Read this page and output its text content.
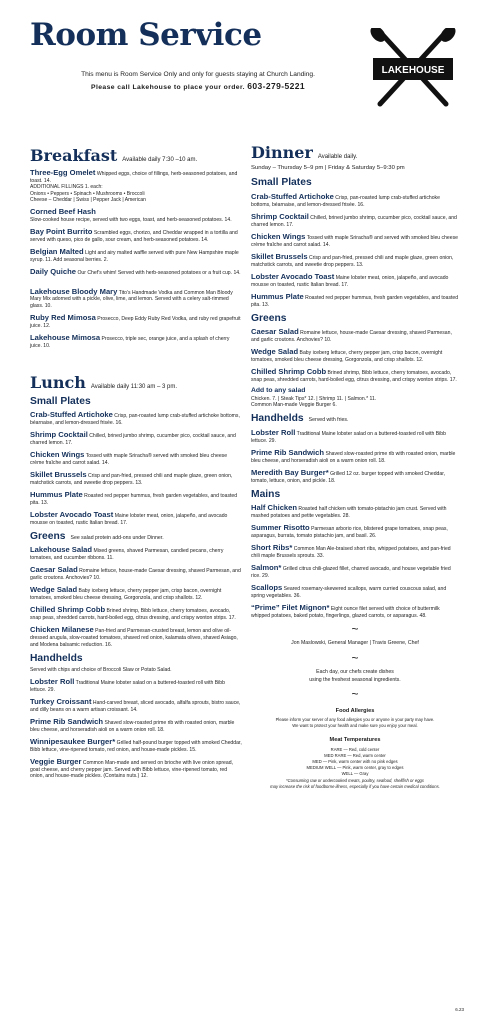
Room Service
LAKEHOUSE
This menu is Room Service Only and only for guests staying at Church Landing.
Please call Lakehouse to place your order. 603-279-5221
Breakfast Available daily 7:30 –10 am.
Three-Egg Omelet Whipped eggs, choice of fillings, herb-seasoned potatoes, and toast. 14.
ADDITIONAL FILLINGS 1. each:
Onions • Peppers • Spinach • Mushrooms • Broccoli
Cheese – Cheddar | Swiss | Pepper Jack | American
Corned Beef Hash
Slow-cooked house recipe, served with two eggs, toast, and herb-seasoned potatoes. 14.
Bay Point Burrito Scrambled eggs, chorizo, and Cheddar wrapped in a tortilla and served with queso, pico de gallo, sour cream, and herb-seasoned potatoes. 14.
Belgian Malted Light and airy malted waffle served with pure New Hampshire maple syrup. 11. Add seasonal berries. 2.
Daily Quiche Our Chef’s whim! Served with herb-seasoned potatoes or a fruit cup. 14.
Lakehouse Bloody Mary Tito’s Handmade Vodka and Common Man Bloody Mary Mix adorned with a pickle, olive, lime, and lemon. Served with a celery salt-rimmed glass. 10.
Ruby Red Mimosa Prosecco, Deep Eddy Ruby Red Vodka, and ruby red grapefruit juice. 12.
Lakehouse Mimosa Prosecco, triple sec, orange juice, and a splash of cherry juice. 10.
Lunch Available daily 11:30 am – 3 pm.
Small Plates
Crab-Stuffed Artichoke Crisp, pan-roasted lump crab-stuffed artichoke bottoms, béarnaise, and lemon-dressed frisée. 16.
Shrimp Cocktail Chilled, brined jumbo shrimp, cucumber pico, cocktail sauce, and charred lemon. 17.
Chicken Wings Tossed with maple Sriracha® served with smoked bleu cheese crème fraîche and carrot salad. 14.
Skillet Brussels Crisp and pan-fried, pressed chili and maple glaze, green onion, matchstick carrots, and sweetie drop peppers. 13.
Hummus Plate Roasted red pepper hummus, fresh garden vegetables, and toasted pita. 13.
Lobster Avocado Toast Maine lobster meat, onion, jalapeño, and avocado mousse on toasted, rustic Italian bread. 17.
Greens See salad protein add-ons under Dinner.
Lakehouse Salad Mixed greens, shaved Parmesan, candied pecans, cherry tomatoes, and cucumber ribbons. 11.
Caesar Salad Romaine lettuce, house-made Caesar dressing, shaved Parmesan, and garlic croutons. Anchovies? 10.
Wedge Salad Baby iceberg lettuce, cherry pepper jam, crisp bacon, overnight tomatoes, smoked bleu cheese dressing, Gorgonzola, and crisp shallots. 12.
Chilled Shrimp Cobb Brined shrimp, Bibb lettuce, cherry tomatoes, avocado, snap peas, shredded carrots, hard-boiled egg, citrus dressing, and crispy wonton strips. 17.
Chicken Milanese Pan-fried and Parmesan-crusted breast, lemon and olive oil-dressed arugula, slow-roasted tomatoes, shaved red onion, kalamata olives, shaved Asiago, and Modena balsamic reduction. 16.
Handhelds
Served with chips and choice of Broccoli Slaw or Potato Salad.
Lobster Roll Traditional Maine lobster salad on a buttered-toasted roll with Bibb lettuce. 29.
Turkey Croissant Hand-carved breast, sliced avocado, alfalfa sprouts, bistro sauce, and dilly beans on a warm artisan croissant. 14.
Prime Rib Sandwich Shaved slow-roasted prime rib with roasted onion, marble bleu cheese, and horseradish aioli on a warm onion roll. 18.
Winnipesaukee Burger* Grilled half-pound burger topped with smoked Cheddar, Bibb lettuce, vine-ripened tomato, red onion, and house-made pickles. 15.
Veggie Burger Common Man-made and served on brioche with live onion spread, goat cheese, and cherry pepper jam. Served with Bibb lettuce, vine-ripened tomato, red onion, and house-made pickles. (Contains nuts.) 12.
Dinner Available daily.
Sunday – Thursday 5–9 pm | Friday & Saturday 5–9:30 pm
Small Plates
Crab-Stuffed Artichoke Crisp, pan-roasted lump crab-stuffed artichoke bottoms, béarnaise, and lemon-dressed frisée. 16.
Shrimp Cocktail Chilled, brined jumbo shrimp, cucumber pico, cocktail sauce, and charred lemon. 17.
Chicken Wings Tossed with maple Sriracha® and served with smoked bleu cheese crème fraîche and carrot salad. 14.
Skillet Brussels Crisp and pan-fried, pressed chili and maple glaze, green onion, matchstick carrots, and sweetie drop peppers. 13.
Lobster Avocado Toast Maine lobster meat, onion, jalapeño, and avocado mousse on toasted, rustic Italian bread. 17.
Hummus Plate Roasted red pepper hummus, fresh garden vegetables, and toasted pita. 13.
Greens
Caesar Salad Romaine lettuce, house-made Caesar dressing, shaved Parmesan, and garlic croutons. Anchovies? 10.
Wedge Salad Baby iceberg lettuce, cherry pepper jam, crisp bacon, overnight tomatoes, smoked bleu cheese dressing, Gorgonzola, and crisp shallots. 12.
Chilled Shrimp Cobb Brined shrimp, Bibb lettuce, cherry tomatoes, avocado, snap peas, shredded carrots, hard-boiled egg, citrus dressing, and crispy wonton strips. 17.
Add to any salad
Chicken. 7. | Steak Tips* 12. | Shrimp 11. | Salmon.* 11.
Common Man-made Veggie Burger 6.
Handhelds Served with fries.
Lobster Roll Traditional Maine lobster salad on a buttered-toasted roll with Bibb lettuce. 29.
Prime Rib Sandwich Shaved slow-roasted prime rib with roasted onion, marble bleu cheese, and horseradish aioli on a warm onion roll. 18.
Meredith Bay Burger* Grilled 12 oz. burger topped with smoked Cheddar, tomato, lettuce, onion, and pickle. 18.
Mains
Half Chicken Roasted half chicken with tomato-pistachio jam crust. Served with mashed potatoes and petite vegetables. 28.
Summer Risotto Parmesan arborio rice, blistered grape tomatoes, snap peas, asparagus, burrata, tomato pistachio jam, and basil. 26.
Short Ribs* Common Man Ale-braised short ribs, whipped potatoes, and pan-fried chili maple Brussels sprouts. 33.
Salmon* Grilled citrus chili-glazed fillet, charred avocado, and house vegetable fried rice. 29.
Scallops Seared rosemary-skewered scallops, warm curried couscous salad, and spring vegetables. 36.
“Prime” Filet Mignon* Eight ounce filet served with choice of buttermilk whipped potatoes, baked potato, fingerlings, glazed carrots, or asparagus. 48.
~
Jon Maslowski, General Manager | Travis Greene, Chef
~
Each day, our chefs create dishes
using the freshest seasonal ingredients.
~
Food Allergies
Please inform your server of any food allergies you or anyone in your party may have.
We want to protect your health and make sure you enjoy your meal.
Meat Temperatures
RARE — Red, cold center
MED RARE — Red, warm center
MED — Pink, warm center with no pink edges
MEDIUM WELL — Pink, warm center, gray to edges
WELL — Gray
*Consuming raw or undercooked meats, poultry, seafood, shellfish or eggs
may increase the risk of foodborne illness, especially if you have certain medical conditions.
6.23
